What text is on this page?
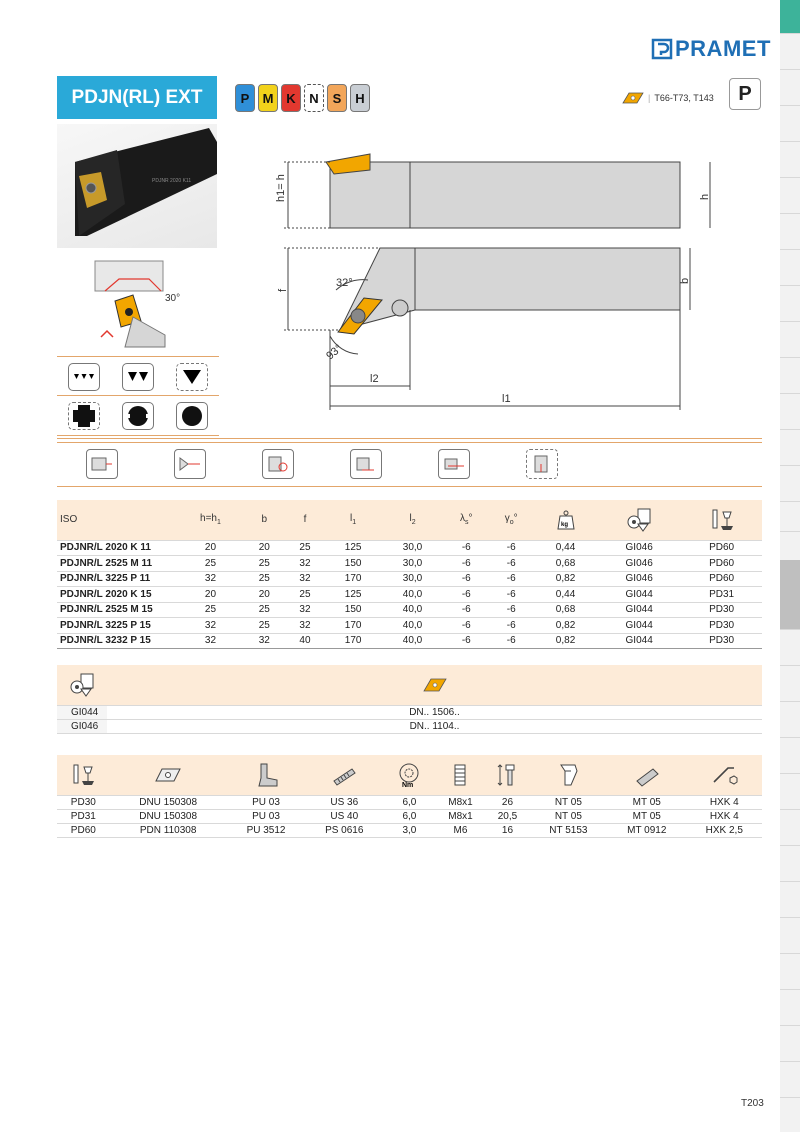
PRAMET
PDJN(RL) EXT	P	M K	N	S	H	| T66-T73, T143	P
PDJNR 2020 K11	h1= h	h
f
b
32°
93°
l2
l1
30°
ISO	$h=h_1$	b	f	$l_1$	$l_2$	$\lambda_s^\circ$	$\gamma_o^\circ$	kg

PDJNR/L 2020 K 11	20	20	25	125	30,0	-6	-6	0,44	GI046	PD60
PDJNR/L 2525 M 11	25	25	32	150	30,0	-6	-6	0,68	GI046	PD60
PDJNR/L 3225 P 11	32	25	32	170	30,0	-6	-6	0,82	GI046	PD60
PDJNR/L 2020 K 15	20	20	25	125	40,0	-6	-6	0,44	GI044	PD31
PDJNR/L 2525 M 15	25	25	32	150	40,0	-6	-6	0,68	GI044	PD30
PDJNR/L 3225 P 15	32	25	32	170	40,0	-6	-6	0,82	GI044	PD30
PDJNR/L 3232 P 15	32	32	40	170	40,0	-6	-6	0,82	GI044	PD30

GI044	DN.. 1506..
GI046	DN.. 1104..

Nm

PD30	DNU 150308	PU 03	US 36	6,0	M8x1	26	NT 05	MT 05	HXK 4
PD31	DNU 150308	PU 03	US 40	6,0	M8x1	20,5	NT 05	MT 05	HXK 4
PD60	PDN 110308	PU 3512	PS 0616	3,0	M6	16	NT 5153	MT 0912	HXK 2,5
T203
